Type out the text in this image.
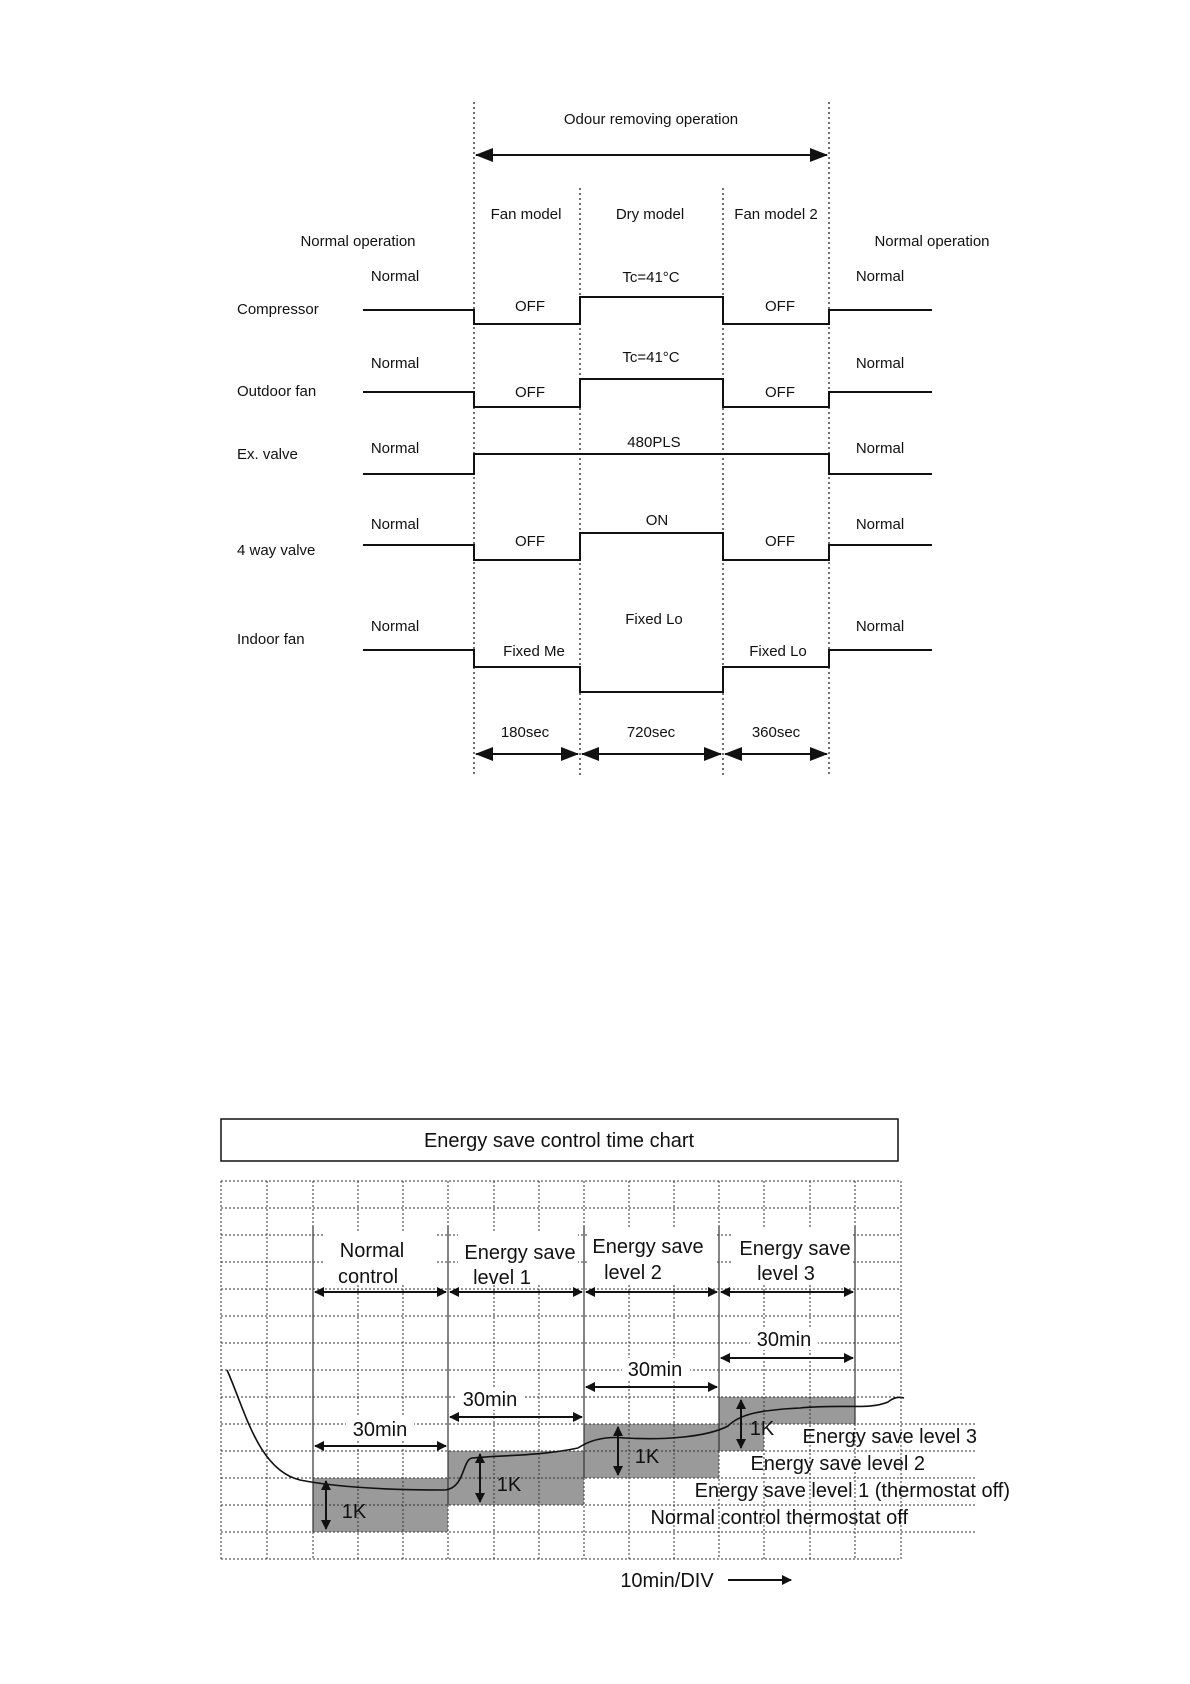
Odour removing operation
Fan model	Dry model	Fan model 2
Normal operation	Normal operation
Compressor
Normal
OFF
Tc=41°C
OFF
Normal
Outdoor fan
Normal
OFF
Tc=41°C
OFF
Normal
Ex. valve	Normal	480PLS	Normal
4 way valve
Normal
OFF
ON
OFF
Normal
Indoor fan
Normal
Fixed Me
Fixed Lo
Fixed Lo
Normal
180sec	720sec	360sec
Energy save control time chart
Normal
control
Energy save
level 1
Energy save
level 2
Energy save
level 3
30min
30min
30min
30min
1K
1K
1K
1K Energy save level 3
Energy save level 2
Energy save level 1 (thermostat off)
Normal control thermostat off
10min/DIV
